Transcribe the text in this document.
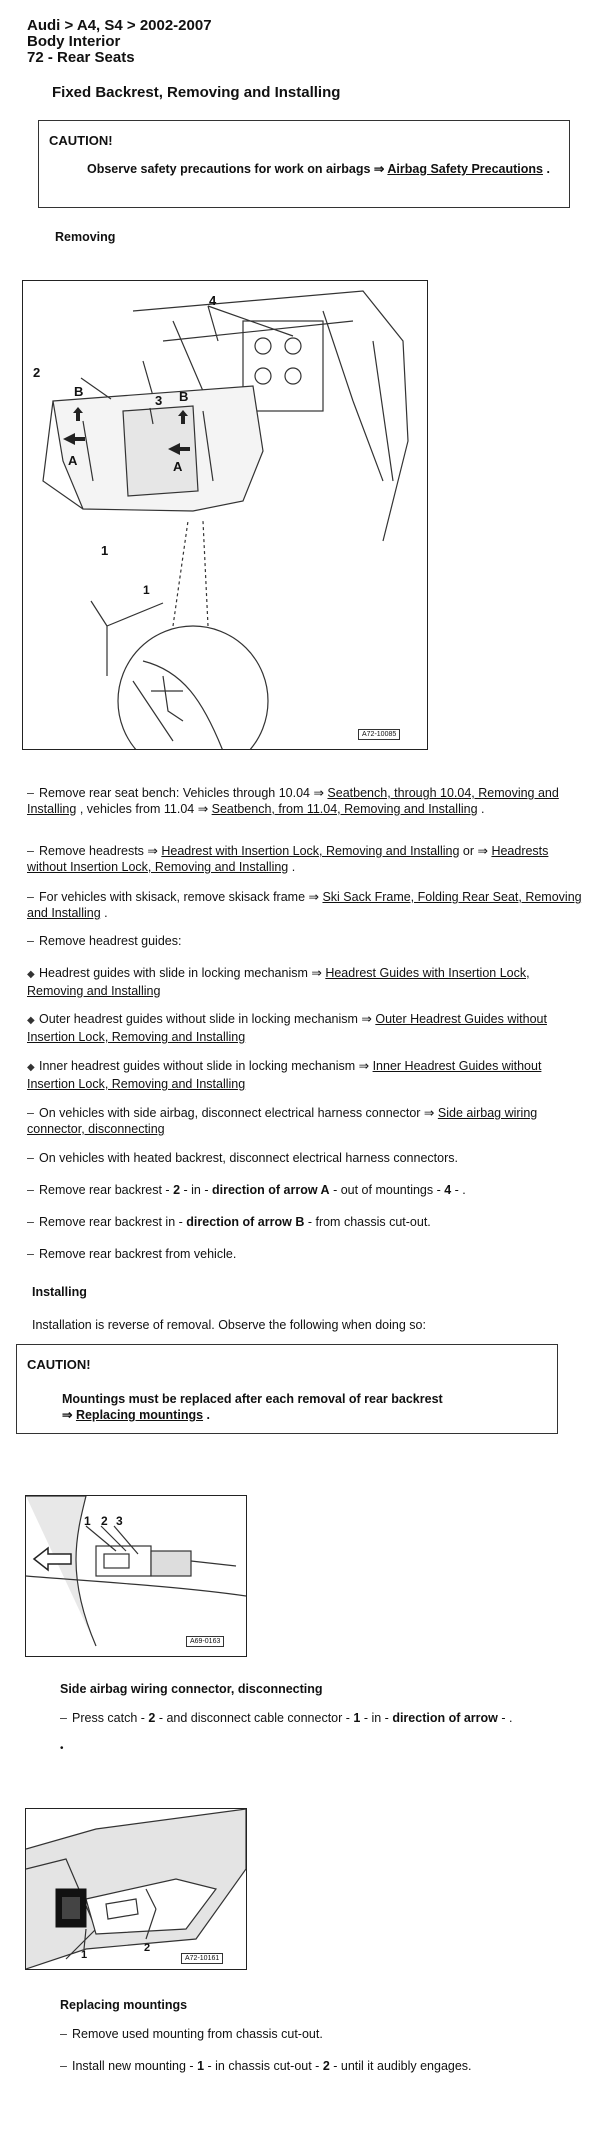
Audi > A4, S4 > 2002-2007
Body Interior
72 - Rear Seats
Fixed Backrest, Removing and Installing
CAUTION!
Observe safety precautions for work on airbags ⇒ Airbag Safety Precautions .
Removing
4
2
3
B	B
A	A
1
1
A72-10085
– Remove rear seat bench: Vehicles through 10.04 ⇒ Seatbench, through 10.04, Removing and Installing , vehicles from 11.04 ⇒ Seatbench, from 11.04, Removing and Installing .
– Remove headrests ⇒ Headrest with Insertion Lock, Removing and Installing or ⇒ Headrests without Insertion Lock, Removing and Installing .
– For vehicles with skisack, remove skisack frame ⇒ Ski Sack Frame, Folding Rear Seat, Removing and Installing .
– Remove headrest guides:
◆ Headrest guides with slide in locking mechanism ⇒ Headrest Guides with Insertion Lock, Removing and Installing
◆ Outer headrest guides without slide in locking mechanism ⇒ Outer Headrest Guides without Insertion Lock, Removing and Installing
◆ Inner headrest guides without slide in locking mechanism ⇒ Inner Headrest Guides without Insertion Lock, Removing and Installing
– On vehicles with side airbag, disconnect electrical harness connector ⇒ Side airbag wiring connector, disconnecting
– On vehicles with heated backrest, disconnect electrical harness connectors.
– Remove rear backrest - 2 - in - direction of arrow A - out of mountings - 4 - .
– Remove rear backrest in - direction of arrow B - from chassis cut-out.
– Remove rear backrest from vehicle.
Installing
Installation is reverse of removal. Observe the following when doing so:
CAUTION!
Mountings must be replaced after each removal of rear backrest
⇒ Replacing mountings .
1 2 3
A69-0163
Side airbag wiring connector, disconnecting
– Press catch - 2 - and disconnect cable connector - 1 - in - direction of arrow - .
•
1
2
A72-10161
Replacing mountings
– Remove used mounting from chassis cut-out.
– Install new mounting - 1 - in chassis cut-out - 2 - until it audibly engages.
